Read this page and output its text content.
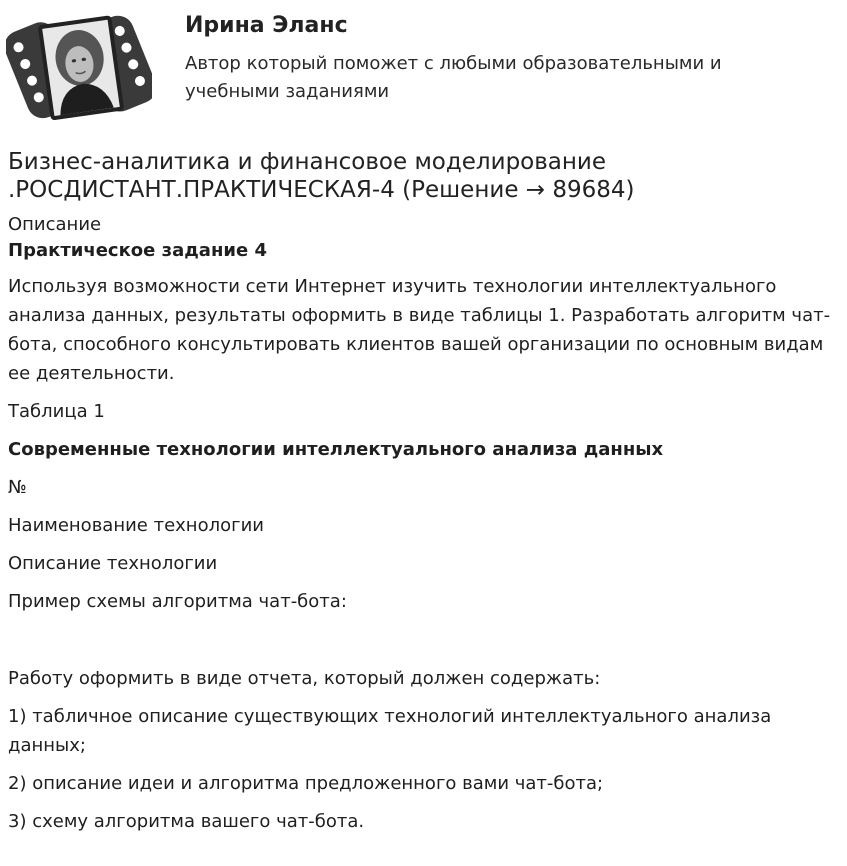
Ирина Эланс

Автор который поможет с любыми образовательными и учебными заданиями

Бизнес-аналитика и финансовое моделирование .РОСДИСТАНТ.ПРАКТИЧЕСКАЯ-4 (Решение → 89684)

Описание

Практическое задание 4

Используя возможности сети Интернет изучить технологии интеллектуального анализа данных, результаты оформить в виде таблицы 1. Разработать алгоритм чат-бота, способного консультировать клиентов вашей организации по основным видам ее деятельности.

Таблица 1

Современные технологии интеллектуального анализа данных

№

Наименование технологии

Описание технологии

Пример схемы алгоритма чат-бота:

Работу оформить в виде отчета, который должен содержать:

1) табличное описание существующих технологий интеллектуального анализа данных;

2) описание идеи и алгоритма предложенного вами чат-бота;

3) схему алгоритма вашего чат-бота.
